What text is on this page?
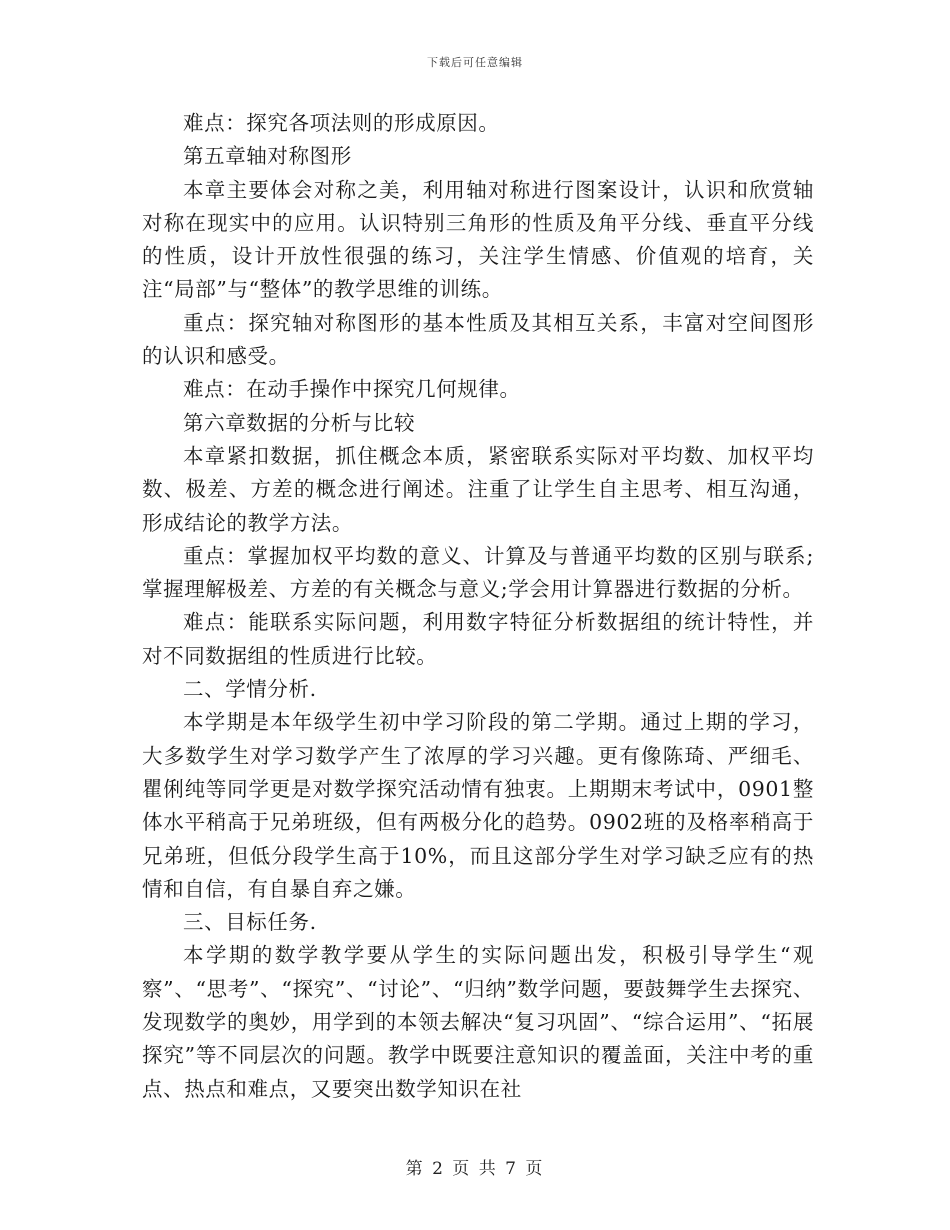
下载后可任意编辑

难点：探究各项法则的形成原因。

第五章轴对称图形

本章主要体会对称之美，利用轴对称进行图案设计，认识和欣赏轴对称在现实中的应用。认识特别三角形的性质及角平分线、垂直平分线的性质，设计开放性很强的练习，关注学生情感、价值观的培育，关注“局部”与“整体”的教学思维的训练。

重点：探究轴对称图形的基本性质及其相互关系，丰富对空间图形的认识和感受。

难点：在动手操作中探究几何规律。

第六章数据的分析与比较

本章紧扣数据，抓住概念本质，紧密联系实际对平均数、加权平均数、极差、方差的概念进行阐述。注重了让学生自主思考、相互沟通，形成结论的教学方法。

重点：掌握加权平均数的意义、计算及与普通平均数的区别与联系;掌握理解极差、方差的有关概念与意义;学会用计算器进行数据的分析。

难点：能联系实际问题，利用数字特征分析数据组的统计特性，并对不同数据组的性质进行比较。

二、学情分析.

本学期是本年级学生初中学习阶段的第二学期。通过上期的学习，大多数学生对学习数学产生了浓厚的学习兴趣。更有像陈琦、严细毛、瞿俐纯等同学更是对数学探究活动情有独衷。上期期末考试中，0901整体水平稍高于兄弟班级，但有两极分化的趋势。0902班的及格率稍高于兄弟班，但低分段学生高于10%，而且这部分学生对学习缺乏应有的热情和自信，有自暴自弃之嫌。

三、目标任务.

本学期的数学教学要从学生的实际问题出发，积极引导学生“观察”、“思考”、“探究”、“讨论”、“归纳”数学问题，要鼓舞学生去探究、发现数学的奥妙，用学到的本领去解决“复习巩固”、“综合运用”、“拓展探究”等不同层次的问题。教学中既要注意知识的覆盖面，关注中考的重点、热点和难点，又要突出数学知识在社

第 2 页 共 7 页
